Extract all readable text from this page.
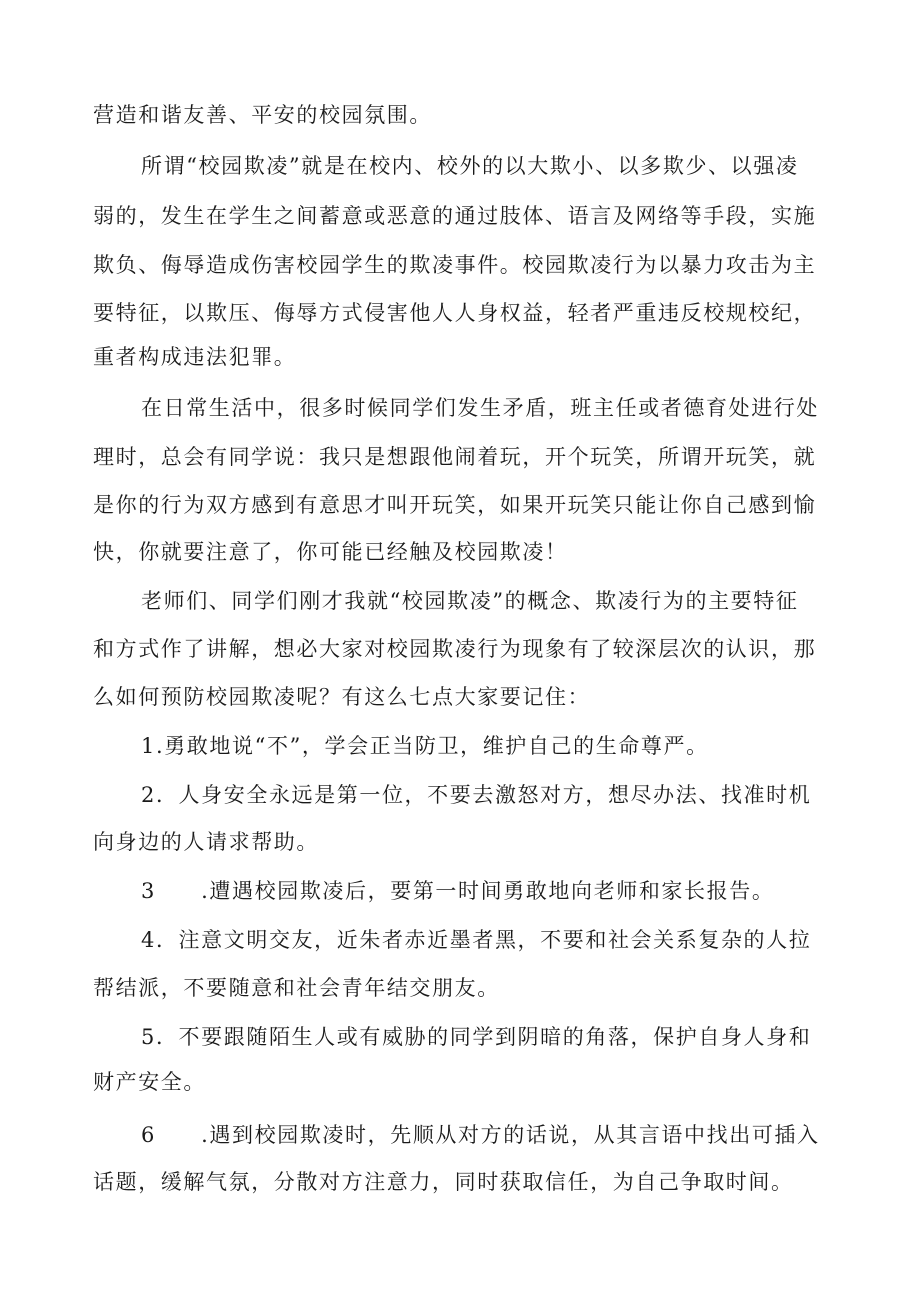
营造和谐友善、平安的校园氛围。

所谓“校园欺凌”就是在校内、校外的以大欺小、以多欺少、以强凌

弱的，发生在学生之间蓄意或恶意的通过肢体、语言及网络等手段，实施

欺负、侮辱造成伤害校园学生的欺凌事件。校园欺凌行为以暴力攻击为主

要特征，以欺压、侮辱方式侵害他人人身权益，轻者严重违反校规校纪，

重者构成违法犯罪。

在日常生活中，很多时候同学们发生矛盾，班主任或者德育处进行处

理时，总会有同学说：我只是想跟他闹着玩，开个玩笑，所谓开玩笑，就

是你的行为双方感到有意思才叫开玩笑，如果开玩笑只能让你自己感到愉

快，你就要注意了，你可能已经触及校园欺凌！

老师们、同学们刚才我就“校园欺凌”的概念、欺凌行为的主要特征

和方式作了讲解，想必大家对校园欺凌行为现象有了较深层次的认识，那

么如何预防校园欺凌呢？有这么七点大家要记住：

1.勇敢地说“不”，学会正当防卫，维护自己的生命尊严。

2．人身安全永远是第一位，不要去激怒对方，想尽办法、找准时机

向身边的人请求帮助。

3　　.遭遇校园欺凌后，要第一时间勇敢地向老师和家长报告。

4．注意文明交友，近朱者赤近墨者黑，不要和社会关系复杂的人拉

帮结派，不要随意和社会青年结交朋友。

5．不要跟随陌生人或有威胁的同学到阴暗的角落，保护自身人身和

财产安全。

6　　.遇到校园欺凌时，先顺从对方的话说，从其言语中找出可插入

话题，缓解气氛，分散对方注意力，同时获取信任，为自己争取时间。
